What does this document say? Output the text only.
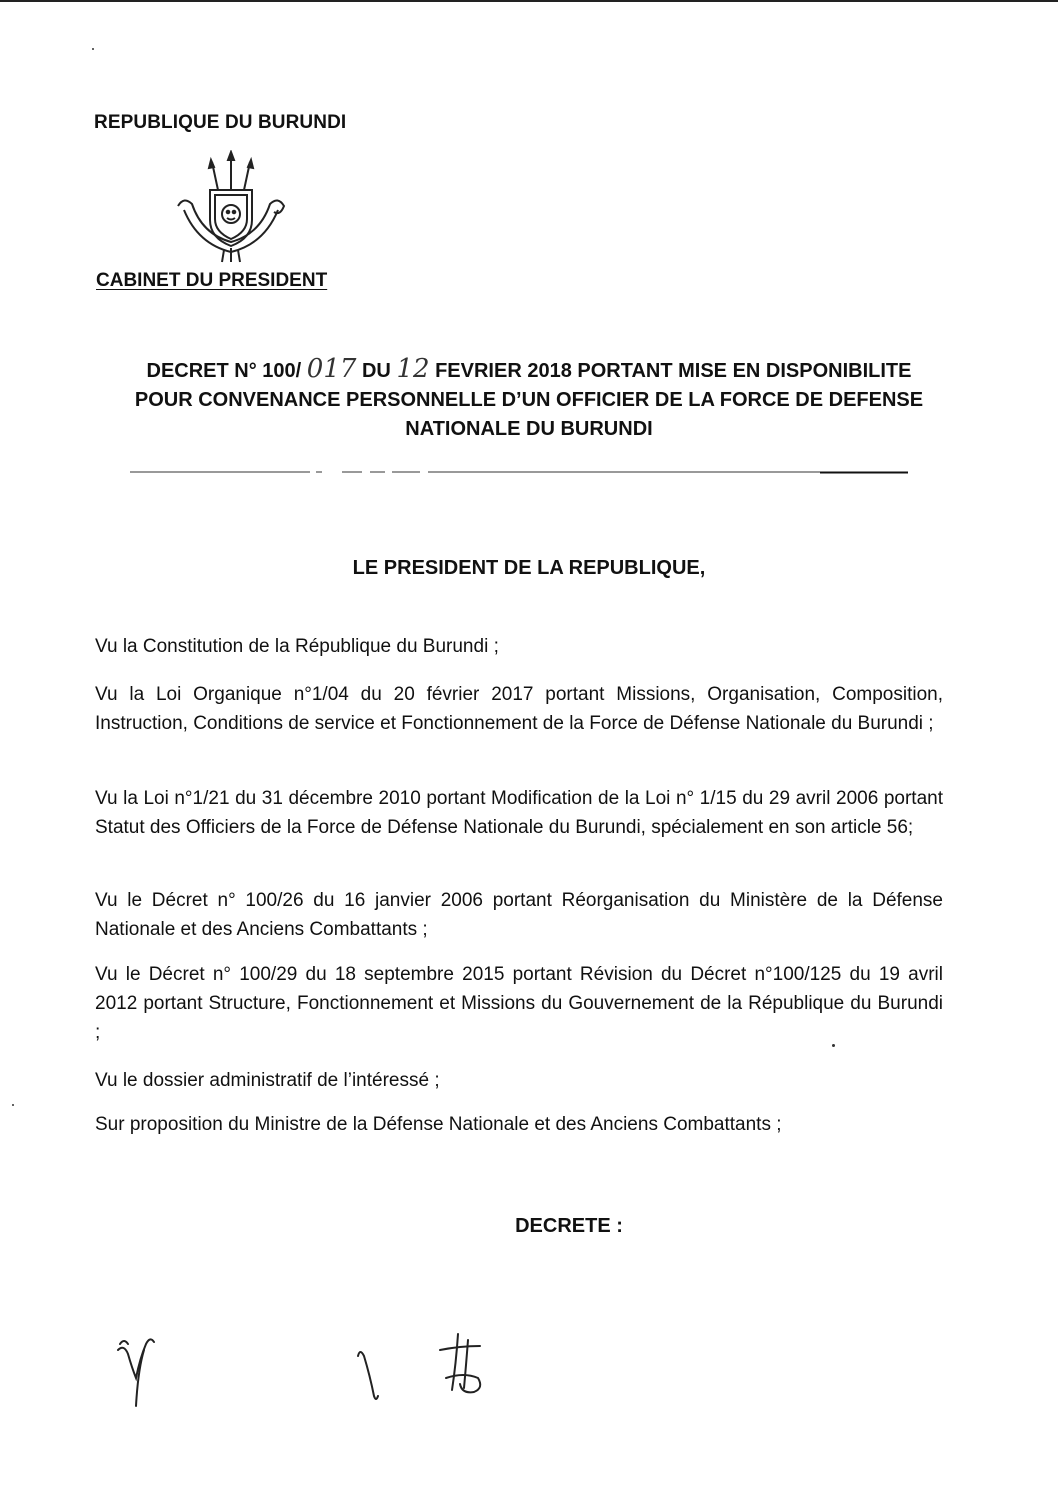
REPUBLIQUE DU BURUNDI
CABINET DU PRESIDENT
DECRET N° 100/ 017 DU 12 FEVRIER 2018 PORTANT MISE EN DISPONIBILITE
POUR CONVENANCE PERSONNELLE D’UN OFFICIER DE LA FORCE DE DEFENSE
NATIONALE DU BURUNDI
LE PRESIDENT DE LA REPUBLIQUE,
Vu la Constitution de la République du Burundi ;
Vu la Loi Organique n°1/04 du 20 février 2017 portant Missions, Organisation, Composition, Instruction, Conditions de service et Fonctionnement de la Force de Défense Nationale du Burundi ;
Vu la Loi n°1/21 du 31 décembre 2010 portant Modification de la Loi n° 1/15 du 29 avril 2006 portant Statut des Officiers de la Force de Défense Nationale du Burundi, spécialement en son article 56;
Vu le Décret n° 100/26 du 16 janvier 2006 portant Réorganisation du Ministère de la Défense Nationale et des Anciens Combattants ;
Vu le Décret n° 100/29 du 18 septembre 2015 portant Révision du Décret n°100/125 du 19 avril 2012 portant Structure, Fonctionnement et Missions du Gouvernement de la République du Burundi ;
Vu le dossier administratif de l’intéressé ;
Sur proposition du Ministre de la Défense Nationale et des Anciens Combattants ;
DECRETE :
